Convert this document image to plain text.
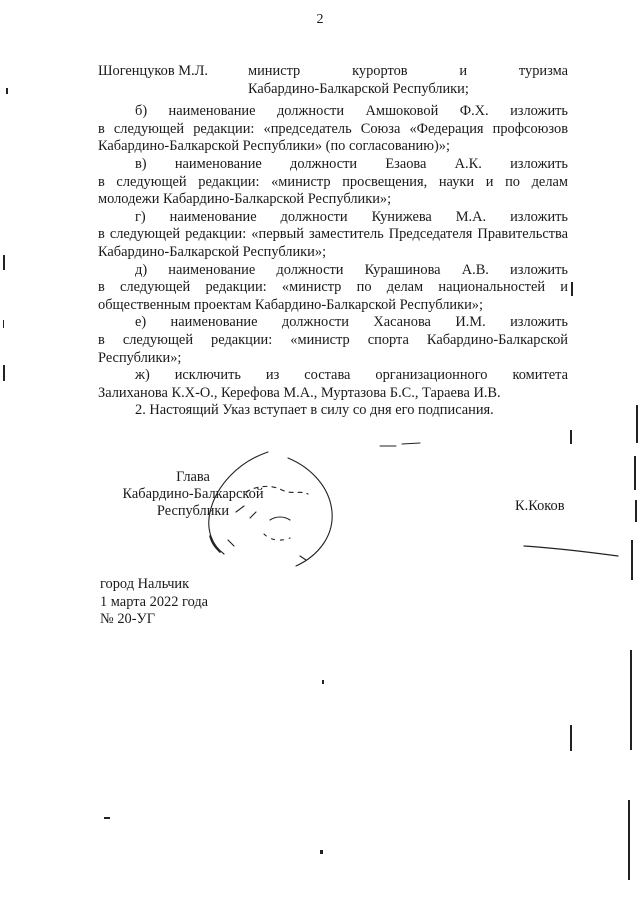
2
Шогенцуков М.Л.	министр	курортов	и	туризма
Кабардино-Балкарской Республики;

б) наименование должности Амшоковой Ф.Х. изложить

в следующей редакции: «председатель Союза «Федерация профсоюзов Кабардино-Балкарской Республики» (по согласованию)»;

в) наименование должности Езаова А.К. изложить

в следующей редакции: «министр просвещения, науки и по делам молодежи Кабардино-Балкарской Республики»;

г) наименование должности Кунижева М.А. изложить

в следующей редакции: «первый заместитель Председателя Правительства Кабардино-Балкарской Республики»;

д) наименование должности Курашинова А.В. изложить

в следующей редакции: «министр по делам национальностей и общественным проектам Кабардино-Балкарской Республики»;

е) наименование должности Хасанова И.М. изложить

в следующей редакции: «министр спорта Кабардино-Балкарской Республики»;

ж) исключить из состава организационного комитета

Залиханова К.Х-О., Керефова М.А., Муртазова Б.С., Тараева И.В.

2. Настоящий Указ вступает в силу со дня его подписания.

Глава
Кабардино-Балкарской
Республики	К.Коков
город Нальчик
1 марта 2022 года
№ 20-УГ
